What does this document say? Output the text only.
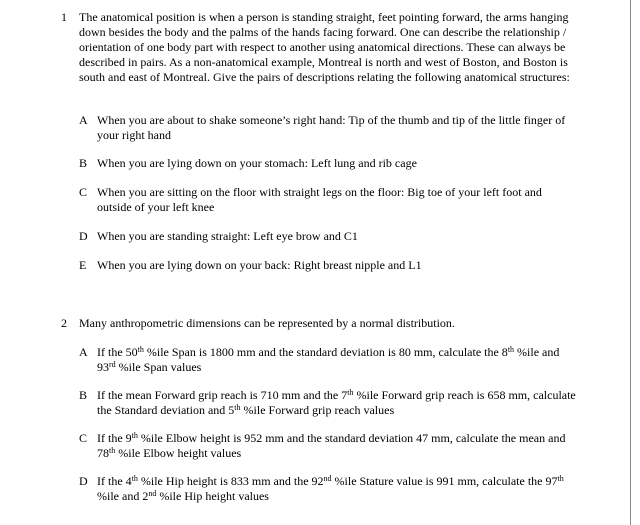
1	The anatomical position is when a person is standing straight, feet pointing forward, the arms hanging down besides the body and the palms of the hands facing forward. One can describe the relationship / orientation of one body part with respect to another using anatomical directions. These can always be described in pairs. As a non-anatomical example, Montreal is north and west of Boston, and Boston is south and east of Montreal. Give the pairs of descriptions relating the following anatomical structures:
A When you are about to shake someone’s right hand: Tip of the thumb and tip of the little finger of your right hand
B When you are lying down on your stomach: Left lung and rib cage
C When you are sitting on the floor with straight legs on the floor: Big toe of your left foot and outside of your left knee
D When you are standing straight: Left eye brow and C1
E When you are lying down on your back: Right breast nipple and L1
2	Many anthropometric dimensions can be represented by a normal distribution.
A If the 50th %ile Span is 1800 mm and the standard deviation is 80 mm, calculate the 8th %ile and 93rd %ile Span values
B If the mean Forward grip reach is 710 mm and the 7th %ile Forward grip reach is 658 mm, calculate the Standard deviation and 5th %ile Forward grip reach values
C If the 9th %ile Elbow height is 952 mm and the standard deviation 47 mm, calculate the mean and 78th %ile Elbow height values
D If the 4th %ile Hip height is 833 mm and the 92nd %ile Stature value is 991 mm, calculate the 97th %ile and 2nd %ile Hip height values
